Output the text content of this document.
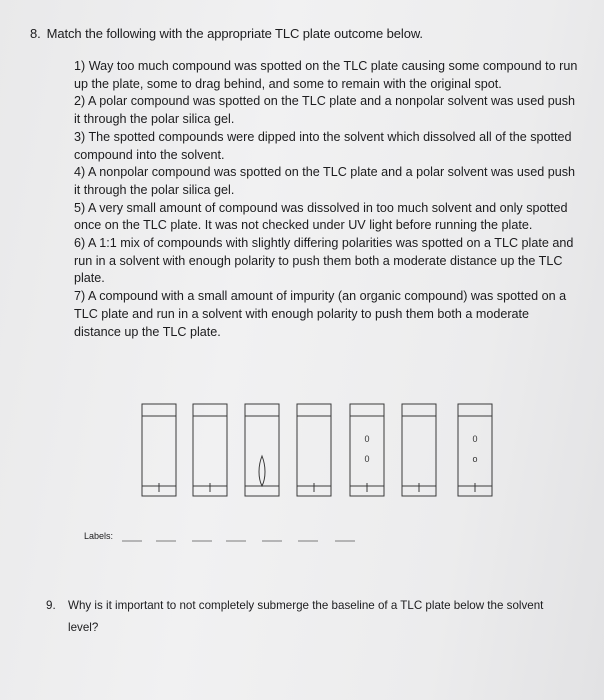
8. Match the following with the appropriate TLC plate outcome below.

1) Way too much compound was spotted on the TLC plate causing some compound to run up the plate, some to drag behind, and some to remain with the original spot.

2) A polar compound was spotted on the TLC plate and a nonpolar solvent was used push it through the polar silica gel.

3) The spotted compounds were dipped into the solvent which dissolved all of the spotted compound into the solvent.

4) A nonpolar compound was spotted on the TLC plate and a polar solvent was used push it through the polar silica gel.

5) A very small amount of compound was dissolved in too much solvent and only spotted once on the TLC plate. It was not checked under UV light before running the plate.

6) A 1:1 mix of compounds with slightly differing polarities was spotted on a TLC plate and run in a solvent with enough polarity to push them both a moderate distance up the TLC plate.

7) A compound with a small amount of impurity (an organic compound) was spotted on a TLC plate and run in a solvent with enough polarity to push them both a moderate distance up the TLC plate.

0
0
0
o
Labels:
9. Why is it important to not completely submerge the baseline of a TLC plate below the solvent level?
